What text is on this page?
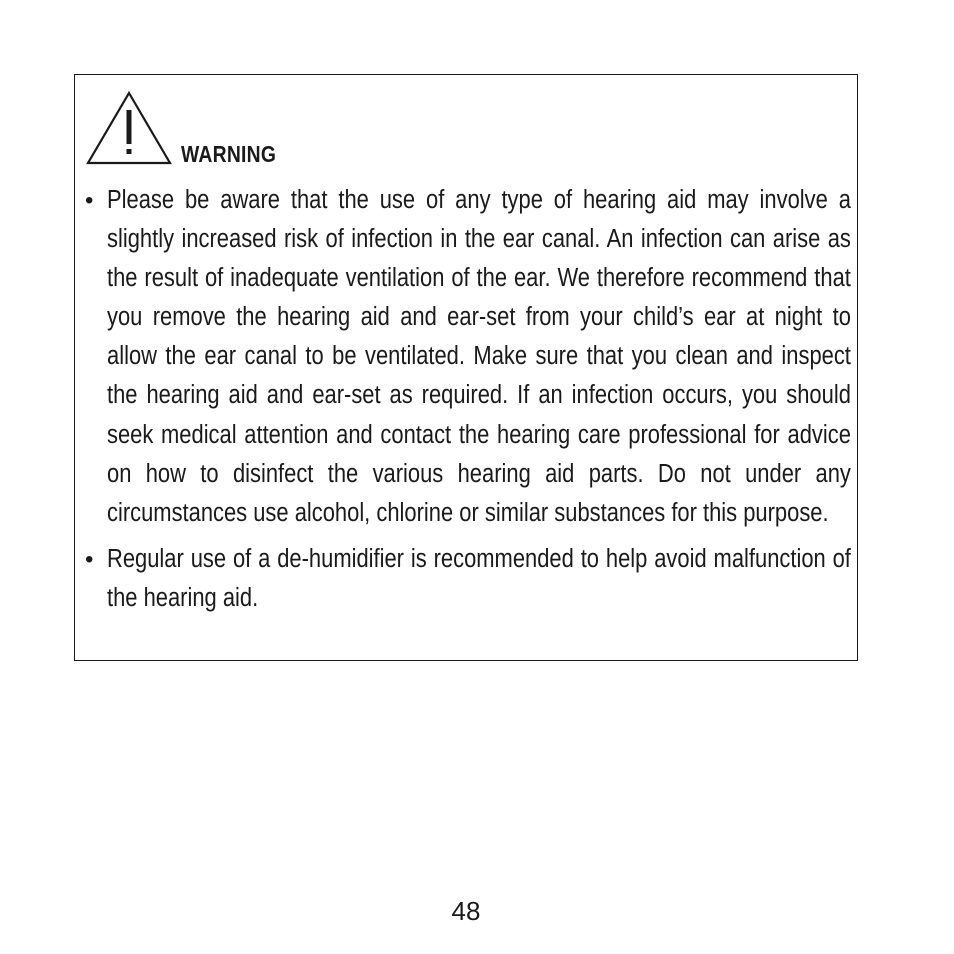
WARNING
• Please be aware that the use of any type of hearing aid may involve a slightly increased risk of infection in the ear canal. An infection can arise as the result of inadequate ventilation of the ear. We therefore recommend that you remove the hearing aid and ear-set from your child’s ear at night to allow the ear canal to be ventilated. Make sure that you clean and inspect the hearing aid and ear-set as required. If an infection occurs, you should seek medical attention and contact the hearing care professional for advice on how to disinfect the various hearing aid parts. Do not under any circumstances use alcohol, chlorine or similar substances for this purpose.
• Regular use of a de-humidifier is recommended to help avoid malfunction of the hearing aid.
48
